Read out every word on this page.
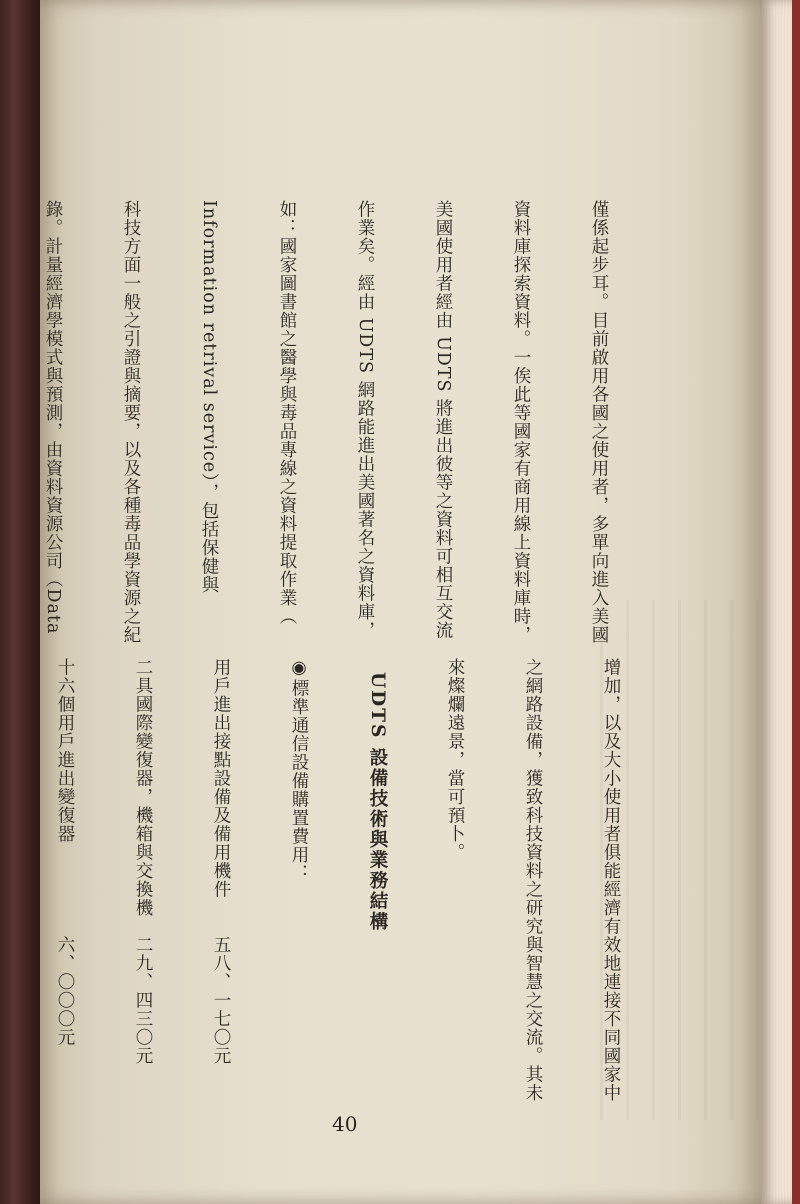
僅係起步耳。目前啟用各國之使用者，多單向進入美國

資料庫探索資料。一俟此等國家有商用線上資料庫時，

美國使用者經由 UDTS 將進出彼等之資料可相互交流

作業矣。經由 UDTS 網路能進出美國著名之資料庫，

如：國家圖書館之醫學與毒品專線之資料提取作業（

Information retrival service），包括保健與

科技方面一般之引證與摘要，以及各種毒品學資源之紀

錄。計量經濟學模式與預測，由資料資源公司（Data

增加，以及大小使用者俱能經濟有效地連接不同國家中

之網路設備，獲致科技資料之研究與智慧之交流。其未

來燦爛遠景，當可預卜。

UDTS 設備技術與業務結構

◉標準通信設備購置費用：

用戶進出接點設備及備用機件　　五八、一七〇元

二具國際變復器，機箱與交換機　二九、四三〇元

十六個用戶進出變復器　　　　　六、〇〇〇元

40
